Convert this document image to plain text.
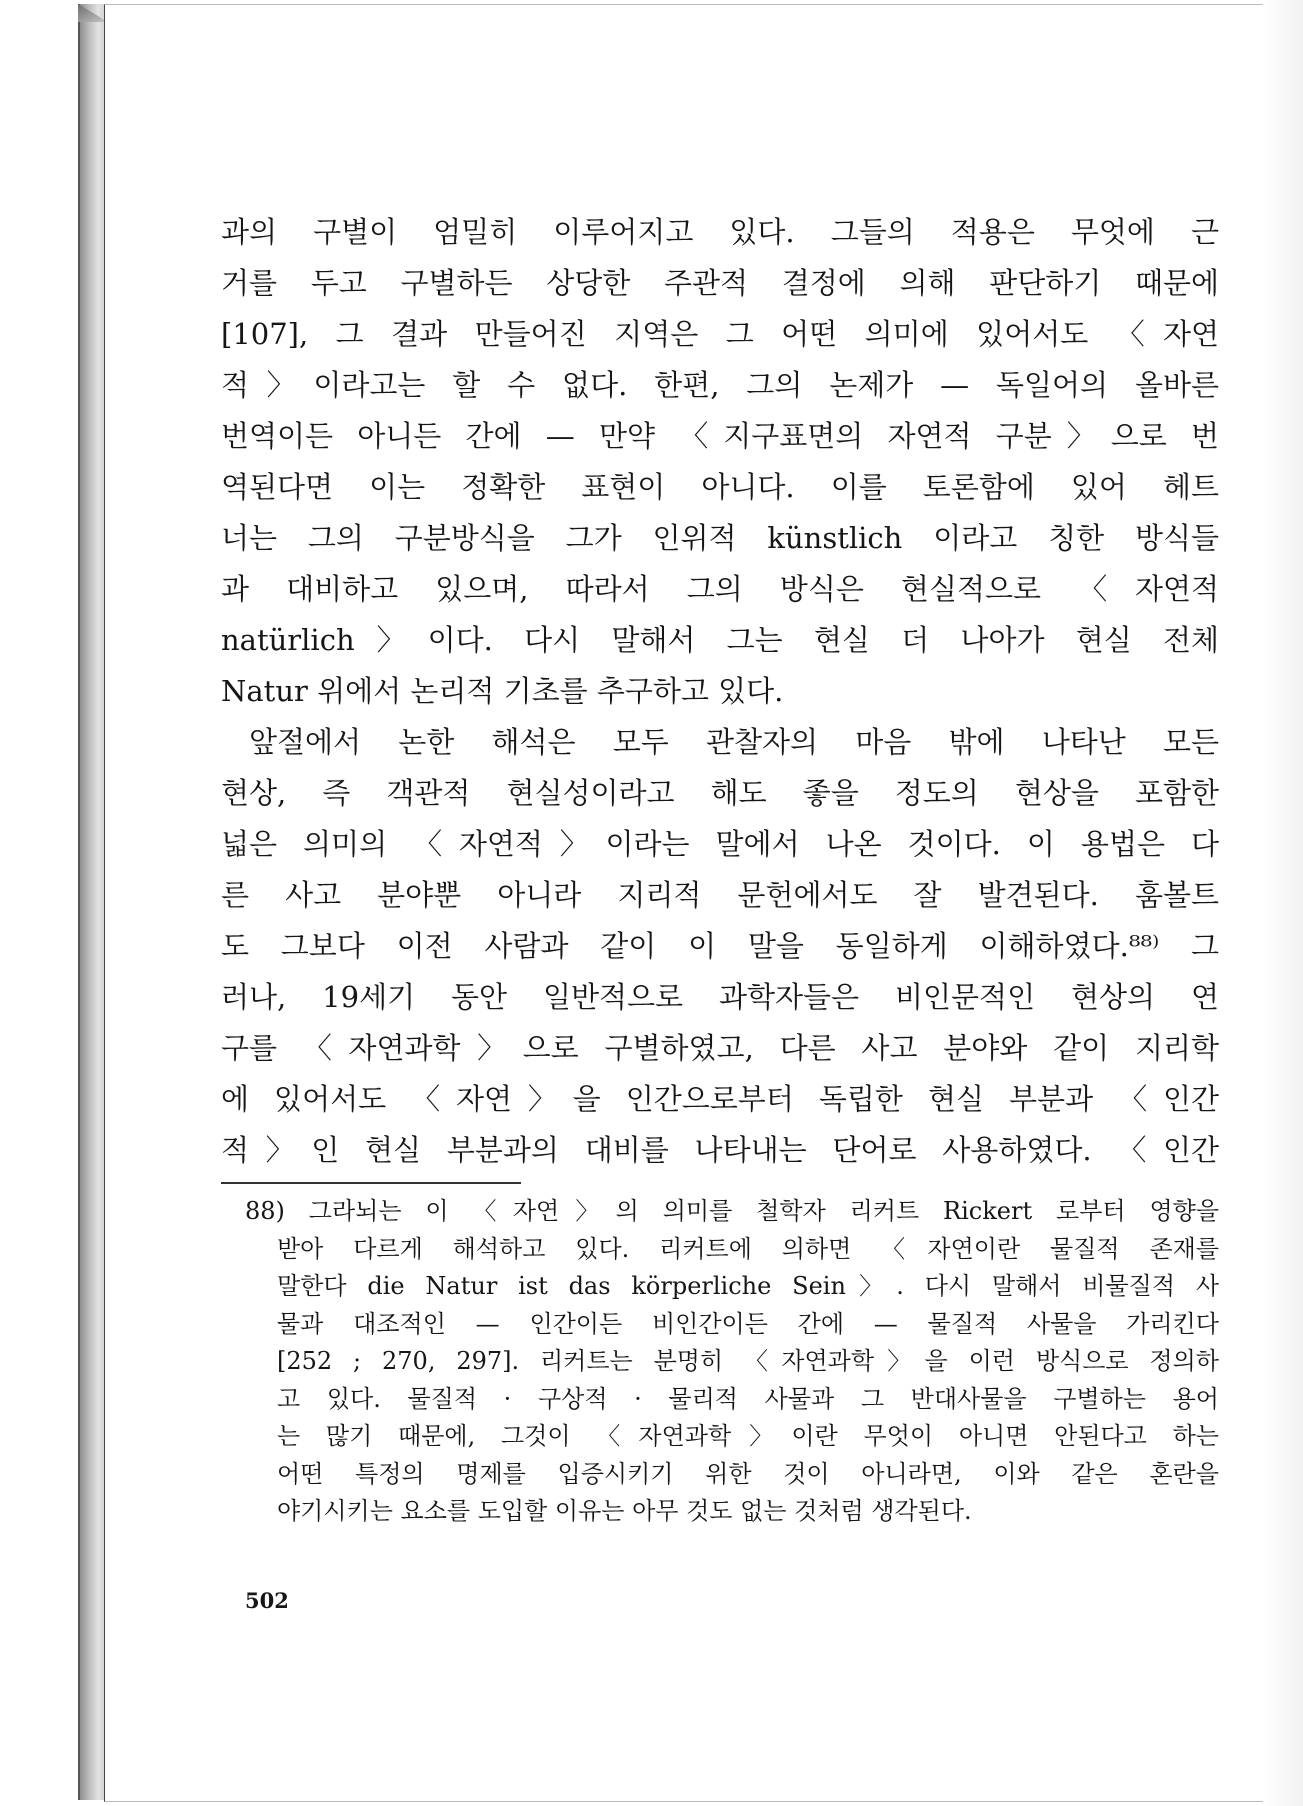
과의 구별이 엄밀히 이루어지고 있다. 그들의 적용은 무엇에 근
거를 두고 구별하든 상당한 주관적 결정에 의해 판단하기 때문에
[107], 그 결과 만들어진 지역은 그 어떤 의미에 있어서도 〈자연
적〉이라고는 할 수 없다. 한편, 그의 논제가 — 독일어의 올바른
번역이든 아니든 간에 — 만약 〈지구표면의 자연적 구분〉으로 번
역된다면 이는 정확한 표현이 아니다. 이를 토론함에 있어 헤트
너는 그의 구분방식을 그가 인위적 künstlich 이라고 칭한 방식들
과 대비하고 있으며, 따라서 그의 방식은 현실적으로 〈자연적
natürlich〉이다. 다시 말해서 그는 현실 더 나아가 현실 전체
Natur 위에서 논리적 기초를 추구하고 있다.
앞절에서 논한 해석은 모두 관찰자의 마음 밖에 나타난 모든
현상, 즉 객관적 현실성이라고 해도 좋을 정도의 현상을 포함한
넓은 의미의 〈자연적〉이라는 말에서 나온 것이다. 이 용법은 다
른 사고 분야뿐 아니라 지리적 문헌에서도 잘 발견된다. 훔볼트
도 그보다 이전 사람과 같이 이 말을 동일하게 이해하였다.⁸⁸⁾ 그
러나, 19세기 동안 일반적으로 과학자들은 비인문적인 현상의 연
구를 〈자연과학〉으로 구별하였고, 다른 사고 분야와 같이 지리학
에 있어서도 〈자연〉을 인간으로부터 독립한 현실 부분과 〈인간
적〉인 현실 부분과의 대비를 나타내는 단어로 사용하였다. 〈인간
88) 그라뇌는 이 〈자연〉의 의미를 철학자 리커트 Rickert 로부터 영향을
받아 다르게 해석하고 있다. 리커트에 의하면 〈자연이란 물질적 존재를
말한다 die Natur ist das körperliche Sein〉. 다시 말해서 비물질적 사
물과 대조적인 — 인간이든 비인간이든 간에 — 물질적 사물을 가리킨다
[252 ; 270, 297]. 리커트는 분명히 〈자연과학〉을 이런 방식으로 정의하
고 있다. 물질적 · 구상적 · 물리적 사물과 그 반대사물을 구별하는 용어
는 많기 때문에, 그것이 〈자연과학〉이란 무엇이 아니면 안된다고 하는
어떤 특정의 명제를 입증시키기 위한 것이 아니라면, 이와 같은 혼란을
야기시키는 요소를 도입할 이유는 아무 것도 없는 것처럼 생각된다.
502
